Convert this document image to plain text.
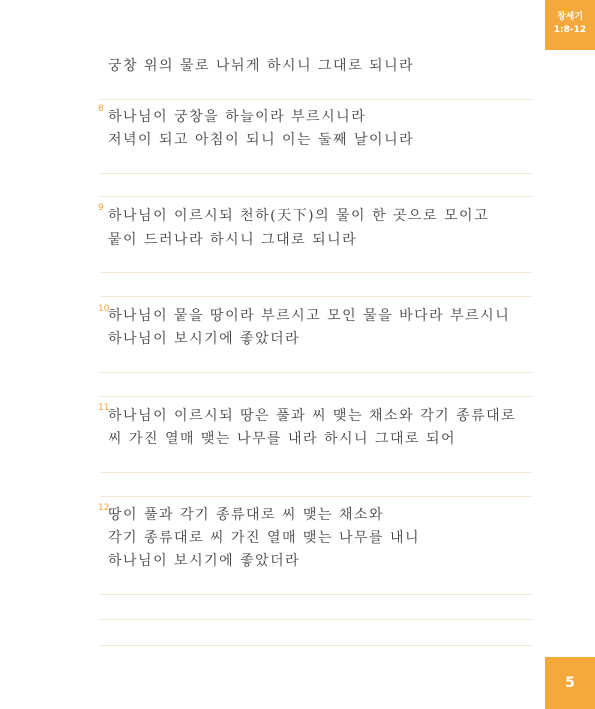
창세기
1:8-12
궁창 위의 물로 나뉘게 하시니 그대로 되니라
8 하나님이 궁창을 하늘이라 부르시니라
저녁이 되고 아침이 되니 이는 둘째 날이니라
9 하나님이 이르시되 천하(天下)의 물이 한 곳으로 모이고
뭍이 드러나라 하시니 그대로 되니라
10
하나님이 뭍을 땅이라 부르시고 모인 물을 바다라 부르시니
하나님이 보시기에 좋았더라
11
하나님이 이르시되 땅은 풀과 씨 맺는 채소와 각기 종류대로
씨 가진 열매 맺는 나무를 내라 하시니 그대로 되어
12
땅이 풀과 각기 종류대로 씨 맺는 채소와
각기 종류대로 씨 가진 열매 맺는 나무를 내니
하나님이 보시기에 좋았더라
5
